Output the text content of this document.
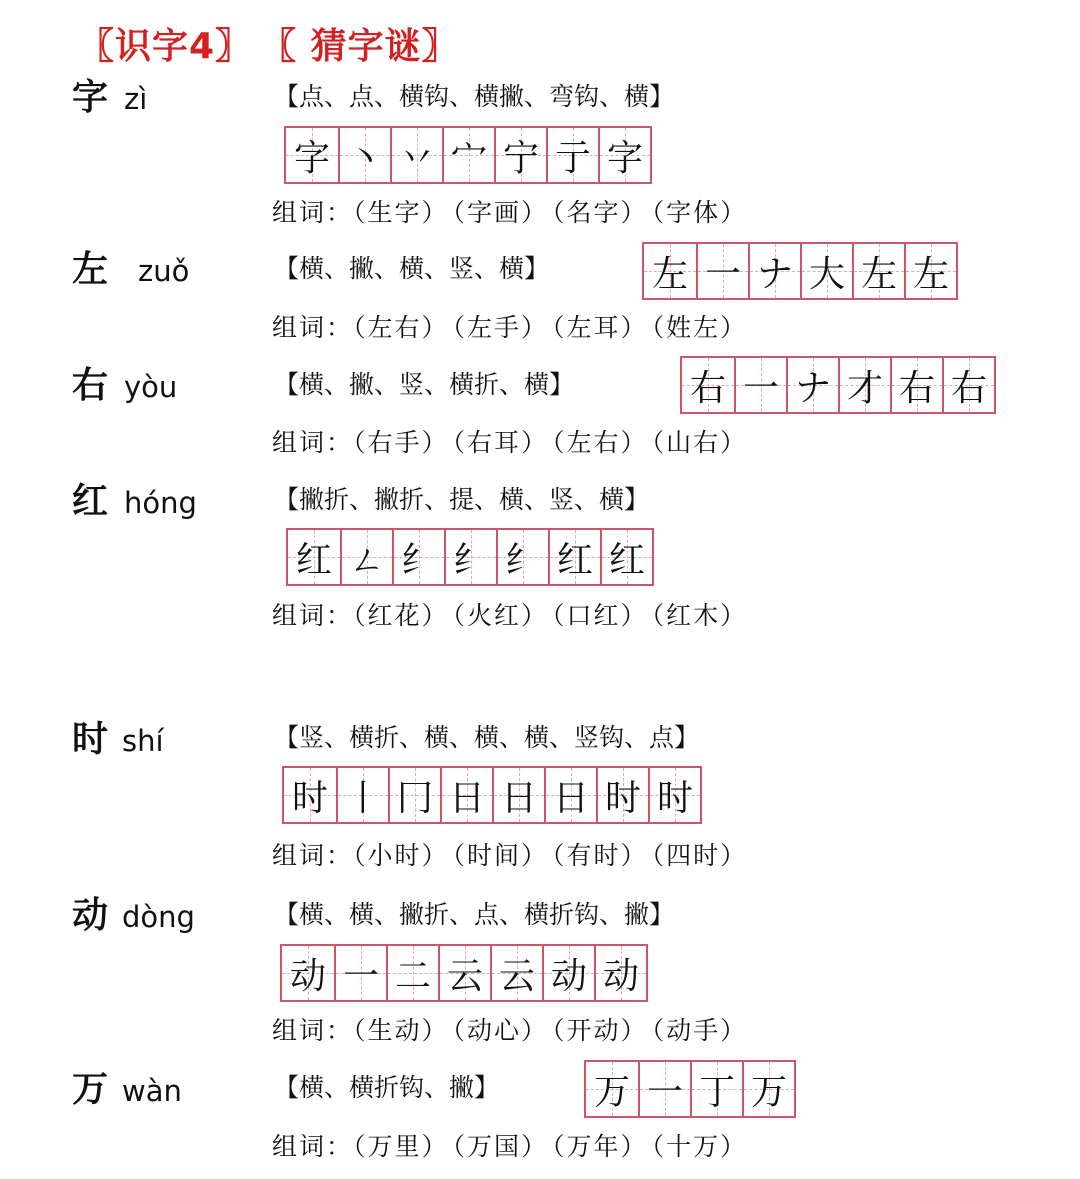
〖识字4〗 〖 猜字谜〗
字 zì	【点、点、横钩、横撇、弯钩、横】
字 丶 丷 宀 宁 亍 字
组词：（生字） （字画） （名字） （字体）
左 zuǒ	【横、撇、横、竖、横】	左 一 ナ 大 左 左
组词：（左右） （左手） （左耳） （姓左）
右 yòu	【横、撇、竖、横折、横】	右 一 ナ 才 右 右
组词：（右手） （右耳） （左右） （山右）
红 hóng	【撇折、撇折、提、横、竖、横】
红 ㄥ 纟 纟 纟 红 红
组词：（红花） （火红） （口红） （红木）
时 shí	【竖、横折、横、横、横、竖钩、点】
时 丨 冂 日 日 日 时 时
组词：（小时） （时间） （有时） （四时）
动 dòng	【横、横、撇折、点、横折钩、撇】
动 一 二 云 云 动 动
组词：（生动） （动心） （开动） （动手）
万 wàn	【横、横折钩、撇】	万 一 丁 万
组词：（万里） （万国） （万年） （十万）
